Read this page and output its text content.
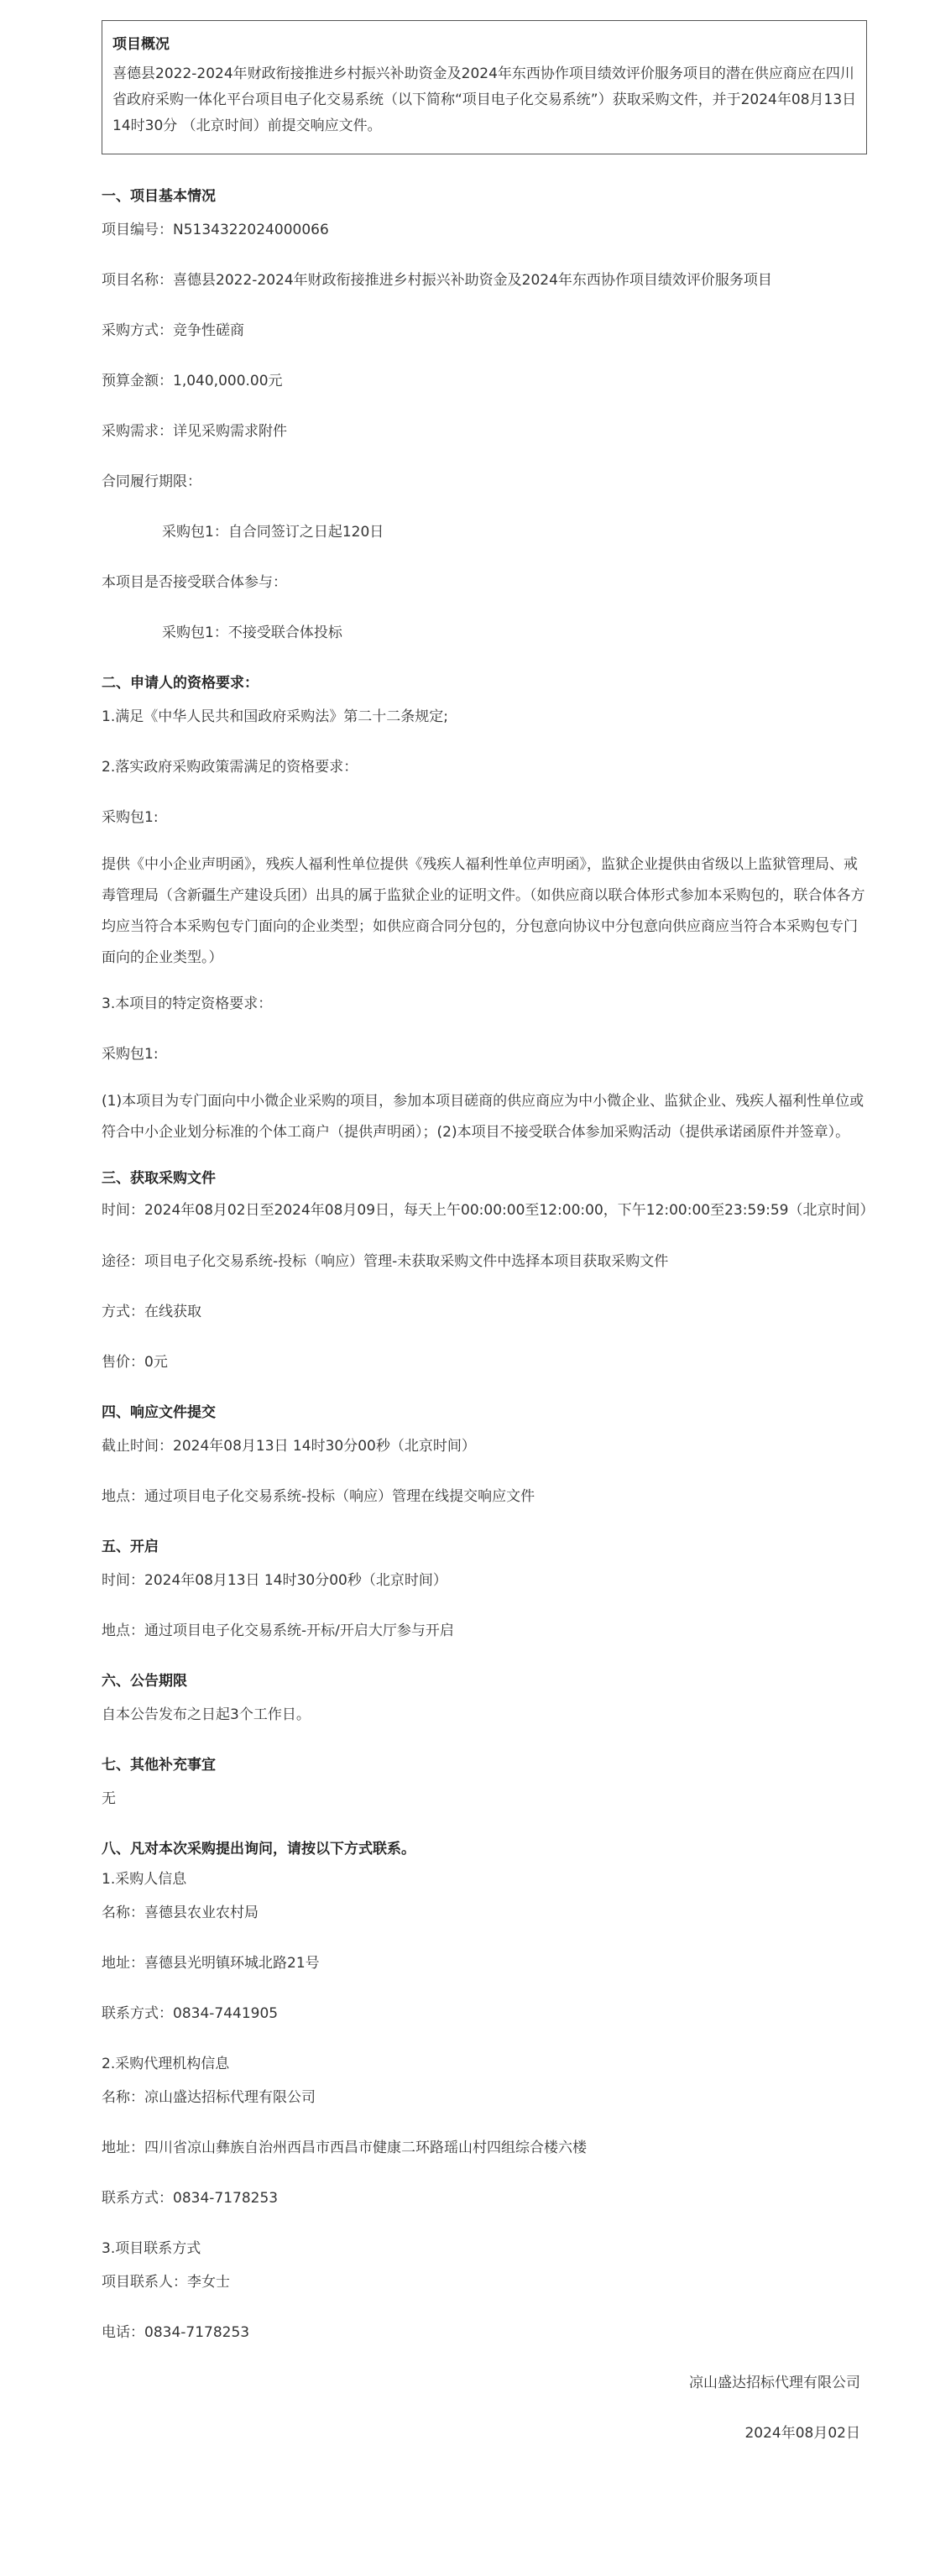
项目概况

喜德县2022-2024年财政衔接推进乡村振兴补助资金及2024年东西协作项目绩效评价服务项目的潜在供应商应在四川省政府采购一体化平台项目电子化交易系统（以下简称“项目电子化交易系统”）获取采购文件，并于2024年08月13日 14时30分 （北京时间）前提交响应文件。

一、项目基本情况

项目编号：N5134322024000066

项目名称：喜德县2022-2024年财政衔接推进乡村振兴补助资金及2024年东西协作项目绩效评价服务项目

采购方式：竞争性磋商

预算金额：1,040,000.00元

采购需求：详见采购需求附件

合同履行期限：

采购包1：自合同签订之日起120日

本项目是否接受联合体参与：

采购包1：不接受联合体投标

二、申请人的资格要求：

1.满足《中华人民共和国政府采购法》第二十二条规定;

2.落实政府采购政策需满足的资格要求：

采购包1:

提供《中小企业声明函》，残疾人福利性单位提供《残疾人福利性单位声明函》，监狱企业提供由省级以上监狱管理局、戒毒管理局（含新疆生产建设兵团）出具的属于监狱企业的证明文件。（如供应商以联合体形式参加本采购包的，联合体各方均应当符合本采购包专门面向的企业类型；如供应商合同分包的，分包意向协议中分包意向供应商应当符合本采购包专门面向的企业类型。）

3.本项目的特定资格要求：

采购包1:

(1)本项目为专门面向中小微企业采购的项目，参加本项目磋商的供应商应为中小微企业、监狱企业、残疾人福利性单位或符合中小企业划分标准的个体工商户（提供声明函）；(2)本项目不接受联合体参加采购活动（提供承诺函原件并签章）。

三、获取采购文件

时间：2024年08月02日至2024年08月09日，每天上午00:00:00至12:00:00，下午12:00:00至23:59:59（北京时间）

途径：项目电子化交易系统-投标（响应）管理-未获取采购文件中选择本项目获取采购文件

方式：在线获取

售价：0元

四、响应文件提交

截止时间：2024年08月13日 14时30分00秒（北京时间）

地点：通过项目电子化交易系统-投标（响应）管理在线提交响应文件

五、开启

时间：2024年08月13日 14时30分00秒（北京时间）

地点：通过项目电子化交易系统-开标/开启大厅参与开启

六、公告期限

自本公告发布之日起3个工作日。

七、其他补充事宜

无

八、凡对本次采购提出询问，请按以下方式联系。

1.采购人信息

名称：喜德县农业农村局

地址：喜德县光明镇环城北路21号

联系方式：0834-7441905

2.采购代理机构信息

名称：凉山盛达招标代理有限公司

地址：四川省凉山彝族自治州西昌市西昌市健康二环路瑶山村四组综合楼六楼

联系方式：0834-7178253

3.项目联系方式

项目联系人：李女士

电话：0834-7178253

凉山盛达招标代理有限公司

2024年08月02日
